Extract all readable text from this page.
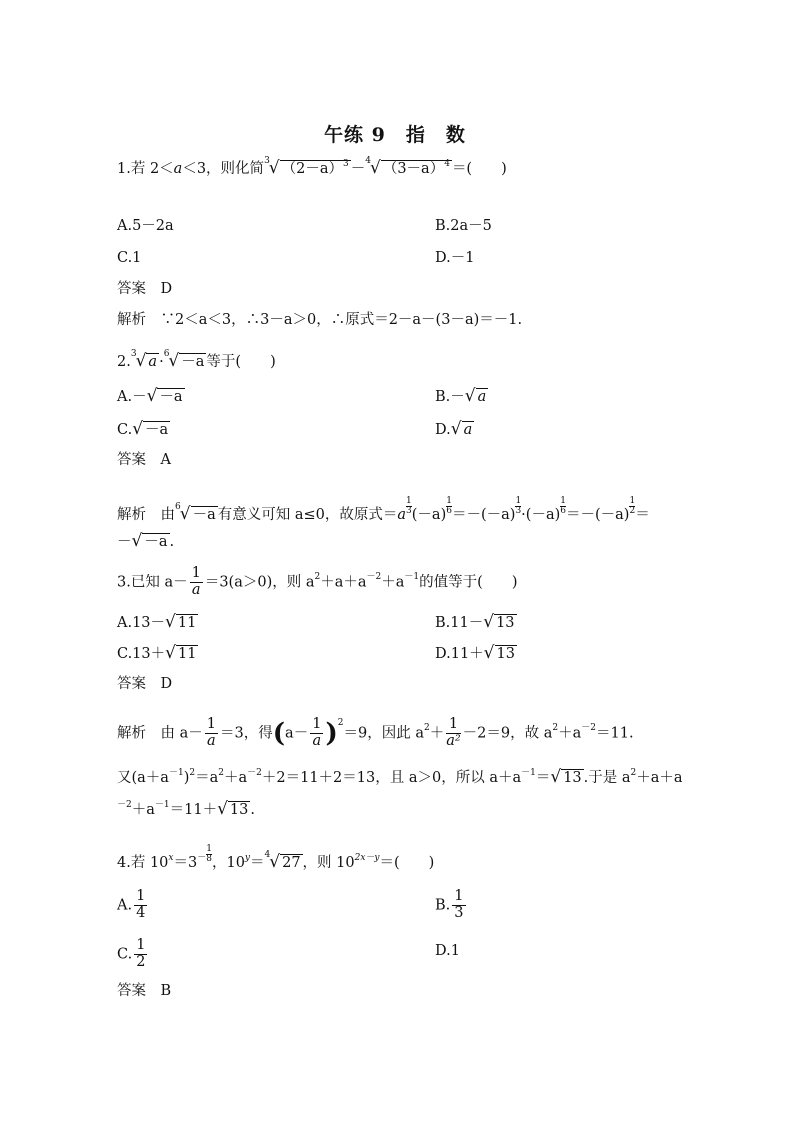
午练 9　指　数
1.若 2＜a＜3，则化简$^3$√ $(2-a)^3 -^4√$ $(3-a)^4$ ＝(　　)
A.5－2a	B.2a－5
C.1	D.－1
答案　D
解析　∵2＜a＜3，∴3－a＞0，∴原式＝2－a－(3－a)＝－1.
2.$^3$√ a ·$^6$√ －a 等于(　　)
A.－√ －a	B.－√ a
C.√ －a	D.√ a
答案　A
解析　由$^6$√ －a 有意义可知 a≤0，故原式$=a \frac{1}{3} (-a) \frac{1}{6} =-(-a) \frac{1}{3} \cdot(-a) \frac{1}{6} =-(-a) \frac{1}{2}$ ＝
－√ －a .
3.已知 $a- \frac{1}{a} =3(a>0)$，则 $a^2+a+a^{-2}+a^{-1}$的值等于(　　)
A.13－√ 11	B.11－√ 13
C.13＋√ 11	D.11＋√ 13
答案　D
解析　由 $a- \frac{1}{a} =3$，得$(a- \frac{1}{a} )^2=9$，因此 $a^2+ \frac{1}{\text{a²}} -2=9$，故 $a^2+a^{-2}=11$.
又$(a+a^{-1})^2=a^2+a^{-2}+2=11+2=13$，且 a＞0，所以 $a+a^{-1}=√$ 13 .于是 $a^2+a+a$
$^{-2}+a^{-1}=11+√$ 13 .
4.若 $10^x=3^- \frac{1}{8}$ ，$10^y=^4√$ 27 ，则 $10^{2x-y}=$(　　)
A. $\frac{1}{4}$	B. $\frac{1}{3}$
C. $\frac{1}{2}$	D.1
答案　B
